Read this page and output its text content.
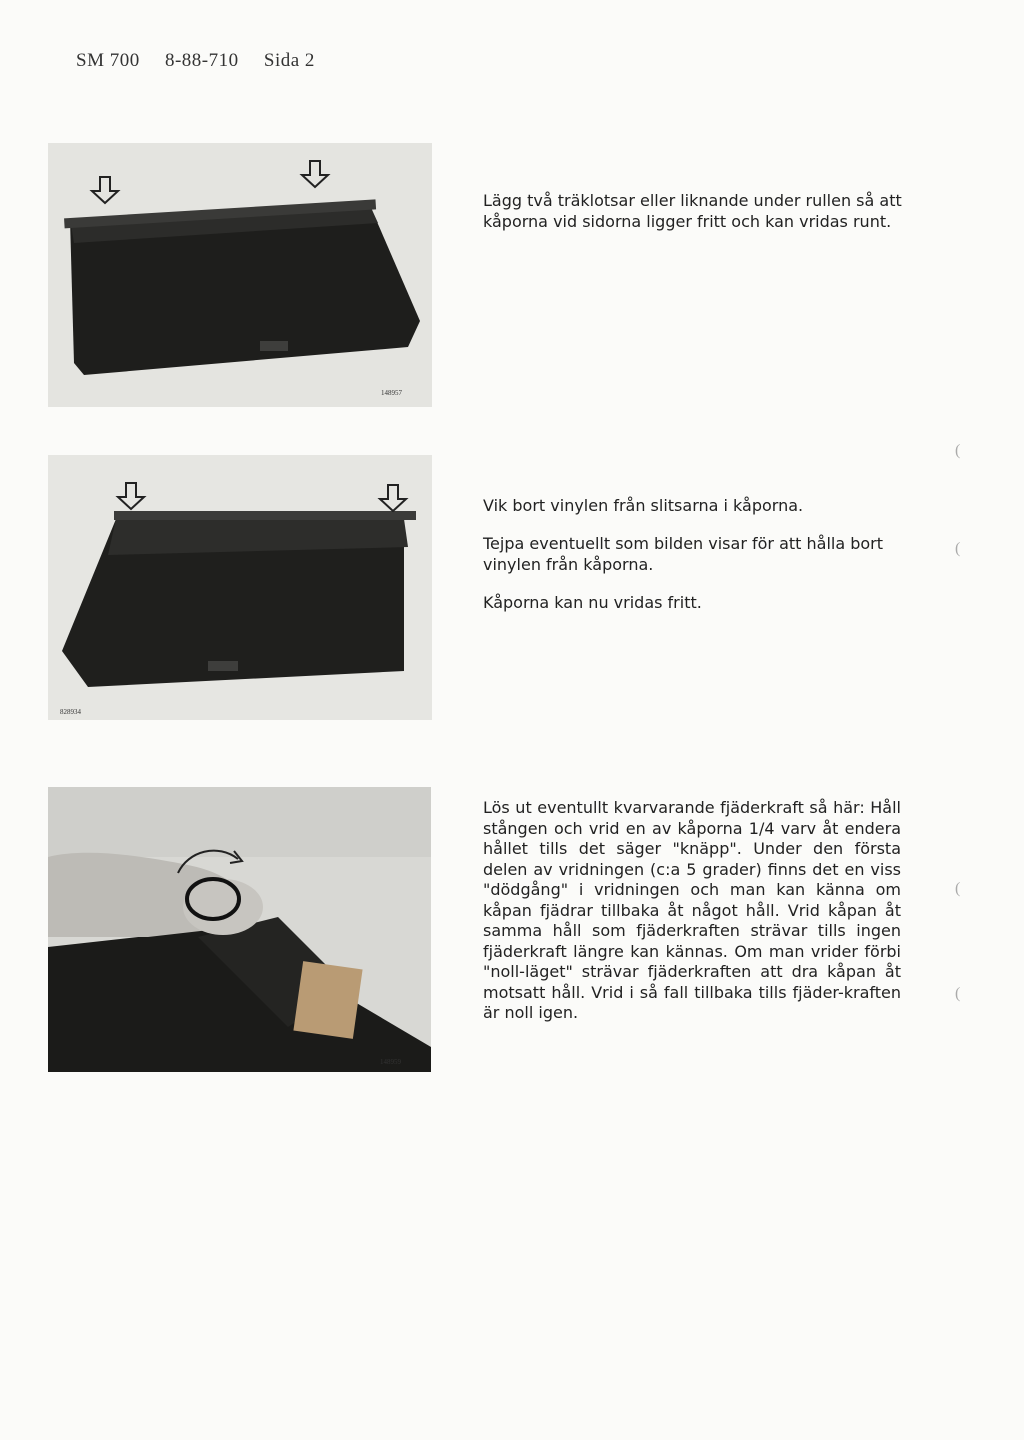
SM 700 8-88-710 Sida 2
148957

Lägg två träklotsar eller liknande under rullen så att kåporna vid sidorna ligger fritt och kan vridas runt.

828934

Vik bort vinylen från slitsarna i kåporna.

Tejpa eventuellt som bilden visar för att hålla bort vinylen från kåporna.

Kåporna kan nu vridas fritt.

148959

Lös ut eventullt kvarvarande fjäderkraft så här: Håll stången och vrid en av kåporna 1/4 varv åt endera hållet tills det säger "knäpp". Under den första delen av vridningen (c:a 5 grader) finns det en viss "dödgång" i vridningen och man kan känna om kåpan fjädrar tillbaka åt något håll. Vrid kåpan åt samma håll som fjäderkraften strävar tills ingen fjäderkraft längre kan kännas. Om man vrider förbi "noll-läget" strävar fjäderkraften att dra kåpan åt motsatt håll. Vrid i så fall tillbaka tills fjäder-kraften är noll igen.

(
(
(
(
